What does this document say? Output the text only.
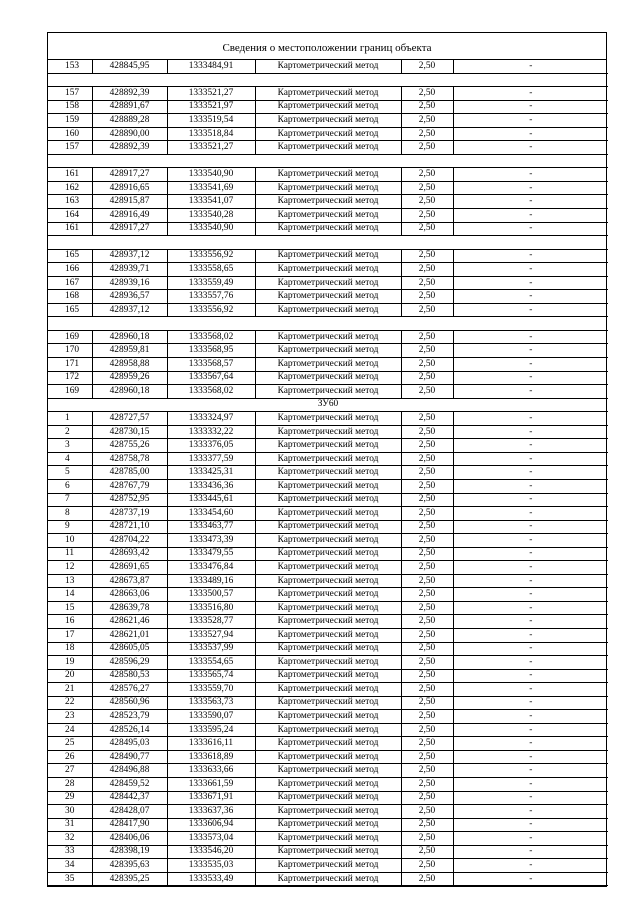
Сведения о местоположении границ объекта
153	428845,95	1333484,91	Картометрический метод	2,50	-

157	428892,39	1333521,27	Картометрический метод	2,50	-
158	428891,67	1333521,97	Картометрический метод	2,50	-
159	428889,28	1333519,54	Картометрический метод	2,50	-
160	428890,00	1333518,84	Картометрический метод	2,50	-
157	428892,39	1333521,27	Картометрический метод	2,50	-

161	428917,27	1333540,90	Картометрический метод	2,50	-
162	428916,65	1333541,69	Картометрический метод	2,50	-
163	428915,87	1333541,07	Картометрический метод	2,50	-
164	428916,49	1333540,28	Картометрический метод	2,50	-
161	428917,27	1333540,90	Картометрический метод	2,50	-

165	428937,12	1333556,92	Картометрический метод	2,50	-
166	428939,71	1333558,65	Картометрический метод	2,50	-
167	428939,16	1333559,49	Картометрический метод	2,50	-
168	428936,57	1333557,76	Картометрический метод	2,50	-
165	428937,12	1333556,92	Картометрический метод	2,50	-

169	428960,18	1333568,02	Картометрический метод	2,50	-
170	428959,81	1333568,95	Картометрический метод	2,50	-
171	428958,88	1333568,57	Картометрический метод	2,50	-
172	428959,26	1333567,64	Картометрический метод	2,50	-
169	428960,18	1333568,02	Картометрический метод	2,50	-
ЗУ60					
1	428727,57	1333324,97	Картометрический метод	2,50	-
2	428730,15	1333332,22	Картометрический метод	2,50	-
3	428755,26	1333376,05	Картометрический метод	2,50	-
4	428758,78	1333377,59	Картометрический метод	2,50	-
5	428785,00	1333425,31	Картометрический метод	2,50	-
6	428767,79	1333436,36	Картометрический метод	2,50	-
7	428752,95	1333445,61	Картометрический метод	2,50	-
8	428737,19	1333454,60	Картометрический метод	2,50	-
9	428721,10	1333463,77	Картометрический метод	2,50	-
10	428704,22	1333473,39	Картометрический метод	2,50	-
11	428693,42	1333479,55	Картометрический метод	2,50	-
12	428691,65	1333476,84	Картометрический метод	2,50	-
13	428673,87	1333489,16	Картометрический метод	2,50	-
14	428663,06	1333500,57	Картометрический метод	2,50	-
15	428639,78	1333516,80	Картометрический метод	2,50	-
16	428621,46	1333528,77	Картометрический метод	2,50	-
17	428621,01	1333527,94	Картометрический метод	2,50	-
18	428605,05	1333537,99	Картометрический метод	2,50	-
19	428596,29	1333554,65	Картометрический метод	2,50	-
20	428580,53	1333565,74	Картометрический метод	2,50	-
21	428576,27	1333559,70	Картометрический метод	2,50	-
22	428560,96	1333563,73	Картометрический метод	2,50	-
23	428523,79	1333590,07	Картометрический метод	2,50	-
24	428526,14	1333595,24	Картометрический метод	2,50	-
25	428495,03	1333616,11	Картометрический метод	2,50	-
26	428490,77	1333618,89	Картометрический метод	2,50	-
27	428496,88	1333633,66	Картометрический метод	2,50	-
28	428459,52	1333661,59	Картометрический метод	2,50	-
29	428442,37	1333671,91	Картометрический метод	2,50	-
30	428428,07	1333637,36	Картометрический метод	2,50	-
31	428417,90	1333606,94	Картометрический метод	2,50	-
32	428406,06	1333573,04	Картометрический метод	2,50	-
33	428398,19	1333546,20	Картометрический метод	2,50	-
34	428395,63	1333535,03	Картометрический метод	2,50	-
35	428395,25	1333533,49	Картометрический метод	2,50	-
